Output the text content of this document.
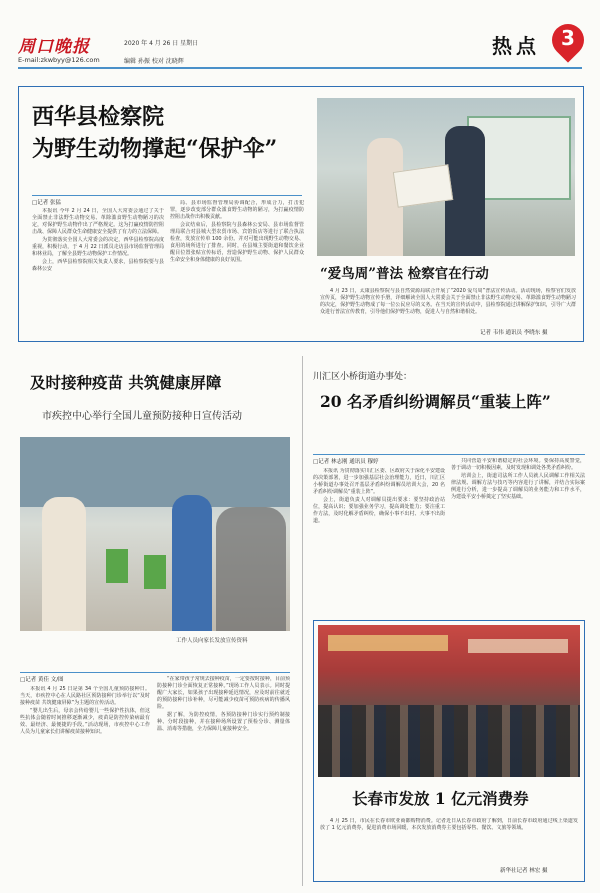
周口晚报
E-mail:zkwbyy@126.com
2020 年 4 月 26 日 星期日
编辑 孙振 校对 沈晓辉
热点	3
西华县检察院
为野生动物撑起“保护伞”
□记者 张猛

本报讯 今年 2 月 24 日，全国人大常委会通过了关于全面禁止非法野生动物交易、革除滥食野生动物陋习的决定，对保护野生动物作出了严格规定。这为打赢疫情防控阻击战、保障人民群众生命健康安全提供了有力的立法保障。

为贯彻落实全国人大常委会的决定，西华县检察院高度重视，积极行动，于 4 月 22 日派员走访县市场监督管理局和林业局，了解全县野生动物保护工作情况。

会上，西华县检察院相关负责人要求，县检察院要与县森林公安

局、县市场监督管理局协调配合，形成合力，打击犯罪，逐步改变部分群众滥食野生动物的陋习，为打赢疫情防控阻击战作出积极贡献。

会议结束后，县检察院与县森林公安局、县市场监督管理局联合对县城大型农贸市场、宾馆饭店等进行了联合执法检查，发放宣传单 100 余份。并对可能出现野生动物交易、食用的场所进行了排查。同时，在县城主要街道和餐饮企业醒目位置张贴宣传标语，营造保护野生动物、保护人民群众生命安全和身体健康的良好氛围。

“爱鸟周”普法 检察官在行动
4 月 23 日，太康县检察院与县自然资源局联合开展了“2020 爱鸟周”普法宣传活动。活动现场，检察官们发放宣传页，保护野生动物宣传手册，详细解读全国人大常委会关于全面禁止非法野生动物交易、革除滥食野生动物陋习的决定，保护野生动物成了每一位公民应尽的义务。在当天的宣传活动中，县检察院通过讲解保护知识，引导广大群众进行普法宣传教育，引导他们保护野生动物，促进人与自然和谐相处。
记者 韦伟 通讯员 李晓东 摄
及时接种疫苗 共筑健康屏障
市疾控中心举行全国儿童预防接种日宣传活动
工作人员向家长发放宣传资料
□记者 黄佳 文/图

本报讯 4 月 25 日是第 34 个全国儿童预防接种日。当天，市疾控中心在人民路社区预防接种门诊举行以“及时接种疫苗 共筑健康屏障”为主题的宣传活动。

“婴儿出生后，母亲会传给婴儿一些保护性抗体，但这些抗体会随着时间推移逐渐减少，疫苗是防控传染病最有效、最经济、最便捷的手段。”活动现场，市疾控中心工作人员为儿童家长们讲解疫苗接种知识。

“在家带孩子常规去接种疫苗，一定要按时接种，目前预防接种门诊全面恢复正常接种。”现场工作人员表示。同时提醒广大家长，如果孩子出现接种延迟情况，应及时前往就近的预防接种门诊补种，尽可能减少疫苗可预防疾病的传播风险。

据了解，为防控疫情，各预防接种门诊实行预约制接种、分时段接种，并在接种场所设置了预检分诊、测量体温、消毒等措施，全力保障儿童接种安全。

川汇区小桥街道办事处：
20 名矛盾纠纷调解员“重装上阵”
□记者 林志刚 通讯员 穆婷

本报讯 为贯彻落实川汇区委、区政府关于深化平安建设的决策部署，进一步加强基层社会治理能力，近日，川汇区小桥街道办事处召开基层矛盾纠纷调解员培训大会，20 名矛盾纠纷调解员“重装上阵”。

会上，街道负责人对调解员提出要求：要坚持政治站位，提高认识；要加强业务学习，提高调处能力；要注重工作方法，及时化解矛盾纠纷，确保小事不出村、大事不出街道。

共同营造平安和谐稳定的社会环境。要保持高度警觉，善于调动一切积极因素，及时发现和调处各类矛盾纠纷。

培训会上，街道司法所工作人员就人民调解工作相关法律法规、调解方法与技巧等内容进行了讲解，并结合实际案例进行分析，进一步提高了调解员的业务能力和工作水平，为建设平安小桥奠定了坚实基础。

长春市发放 1 亿元消费券
4 月 25 日，市民在长春市欧亚商都购物消费。记者近日从长春市政府了解到，日前长春市政府通过线上渠道发放了 1 亿元消费券，促进消费市场回暖，本次发放消费券主要包括零售、餐饮、文旅等领域。
新华社记者 林宏 摄
